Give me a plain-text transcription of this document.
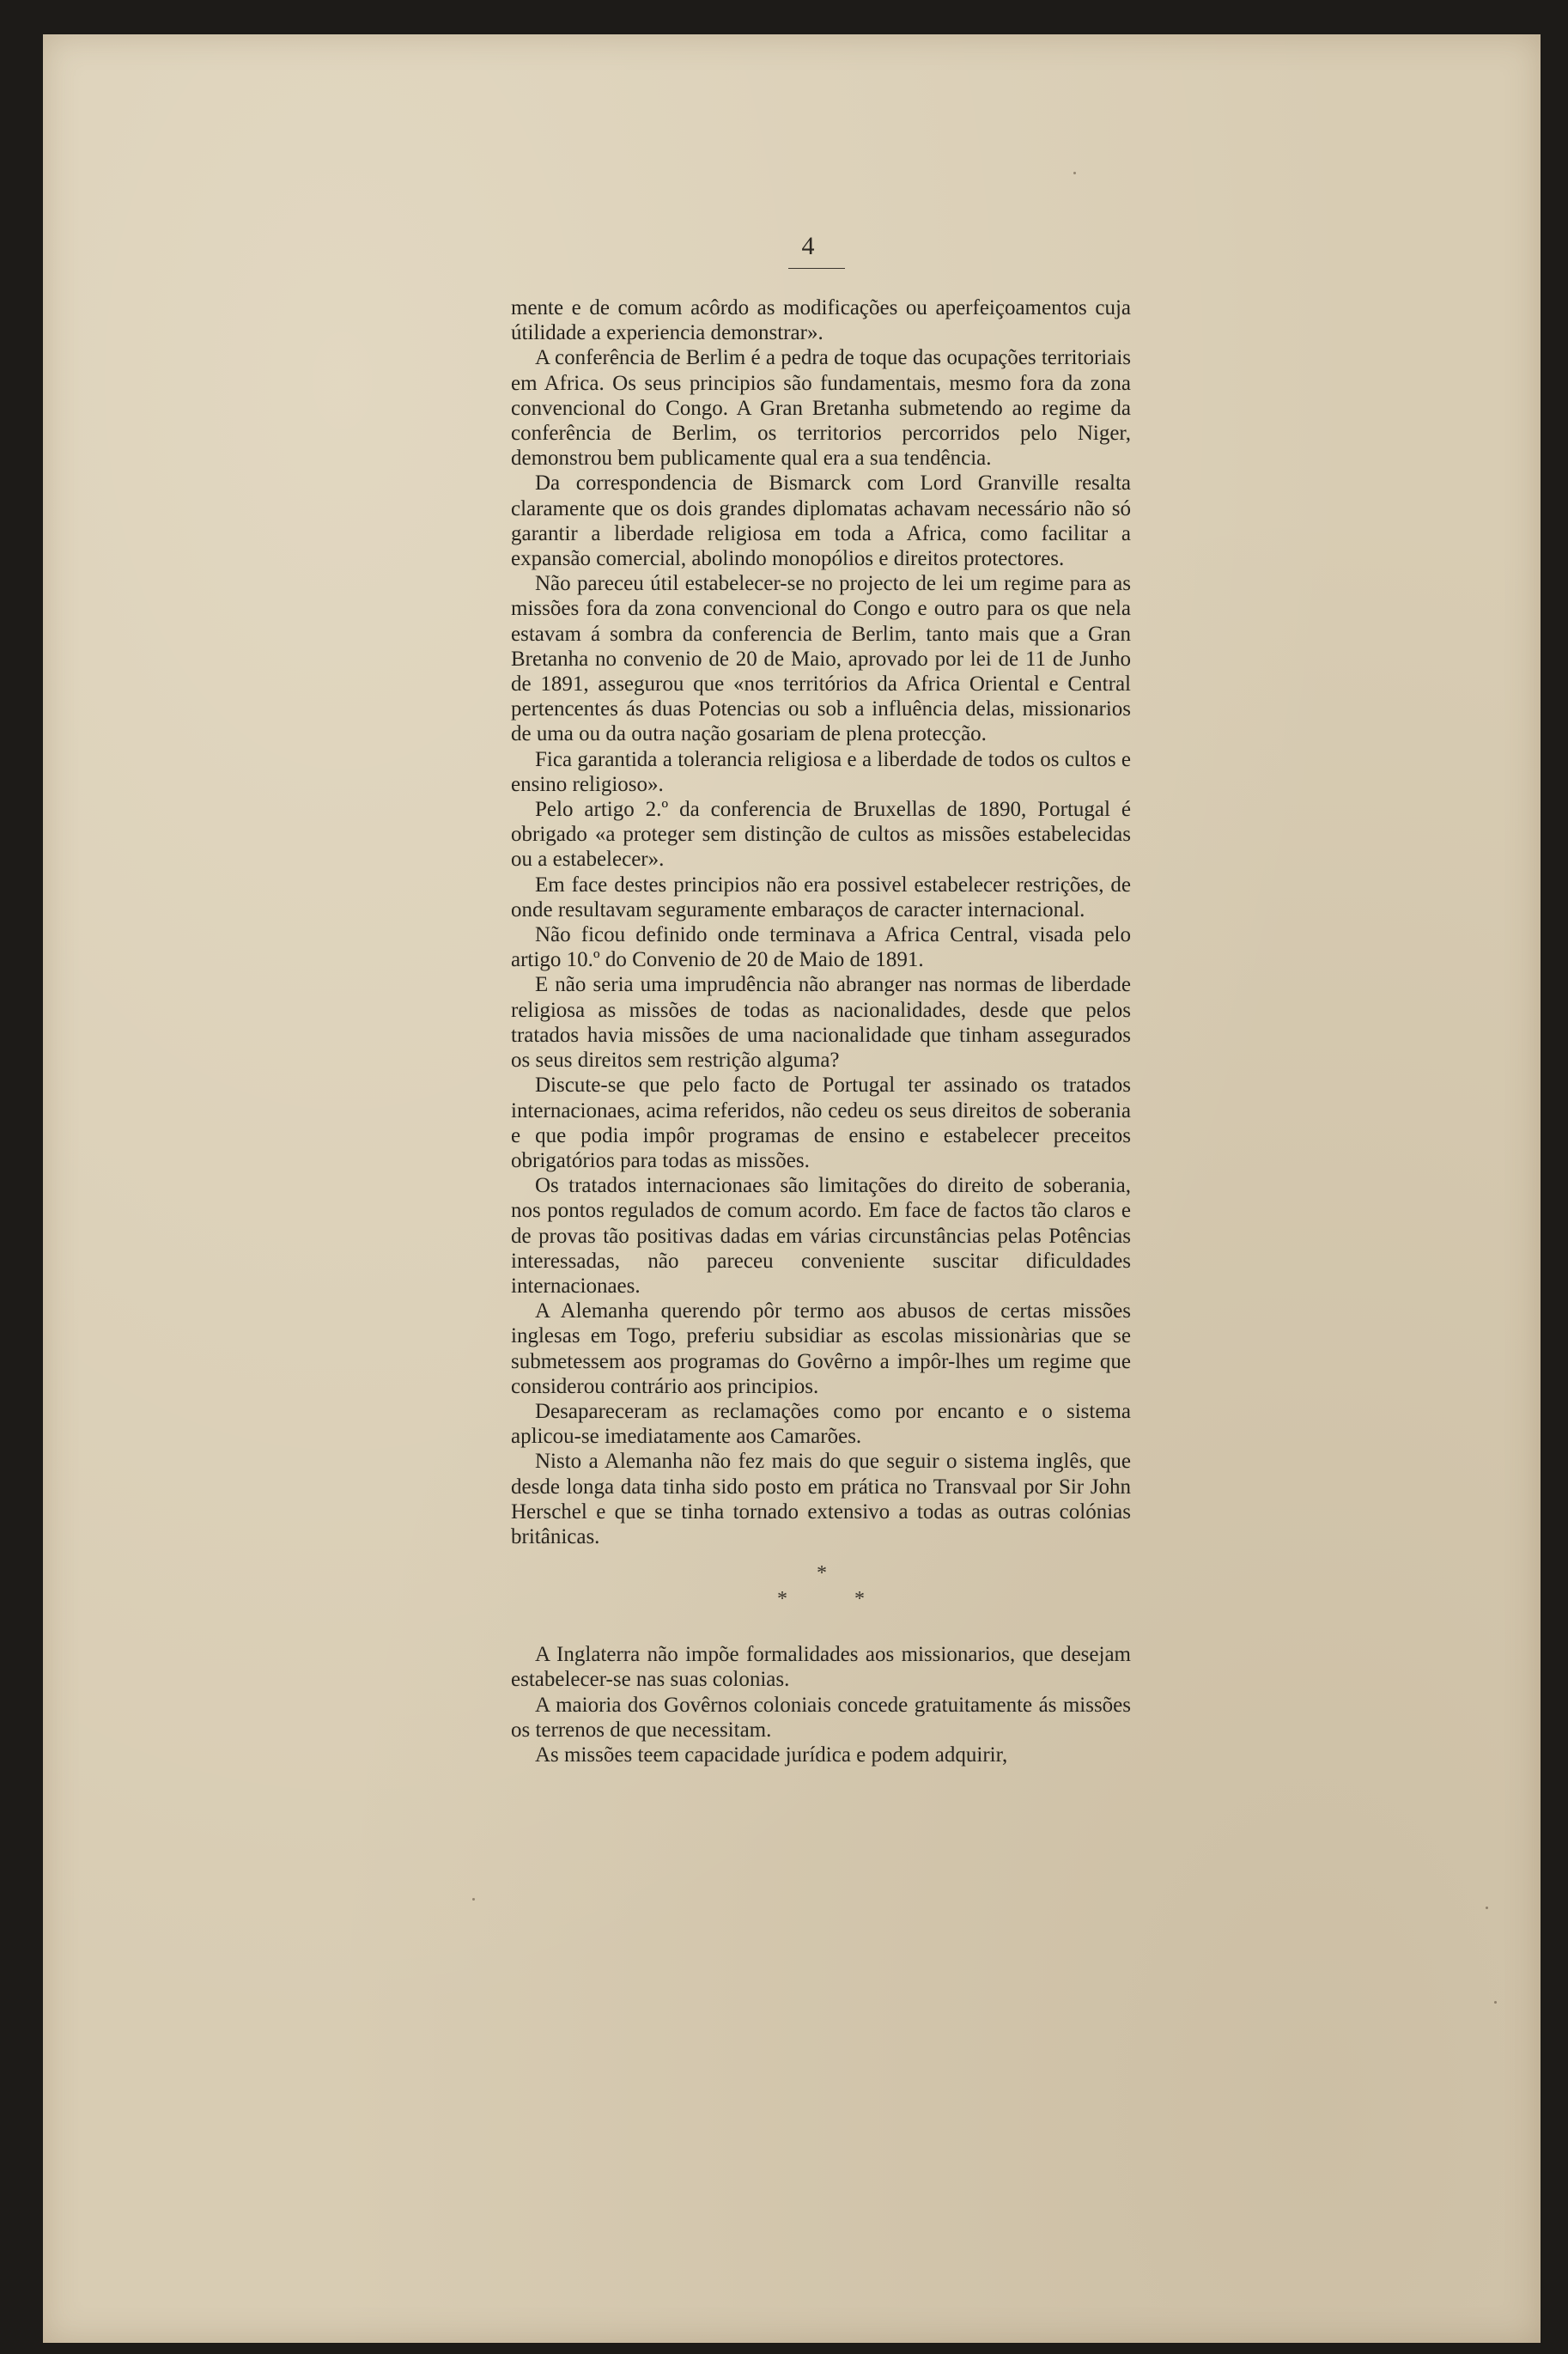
4

mente e de comum acôrdo as modificações ou aperfeiçoamentos cuja útilidade a experiencia demonstrar».

A conferência de Berlim é a pedra de toque das ocupações territoriais em Africa. Os seus principios são fundamentais, mesmo fora da zona convencional do Congo. A Gran Bretanha submetendo ao regime da conferência de Berlim, os territorios percorridos pelo Niger, demonstrou bem publicamente qual era a sua tendência.

Da correspondencia de Bismarck com Lord Granville resalta claramente que os dois grandes diplomatas achavam necessário não só garantir a liberdade religiosa em toda a Africa, como facilitar a expansão comercial, abolindo monopólios e direitos protectores.

Não pareceu útil estabelecer-se no projecto de lei um regime para as missões fora da zona convencional do Congo e outro para os que nela estavam á sombra da conferencia de Berlim, tanto mais que a Gran Bretanha no convenio de 20 de Maio, aprovado por lei de 11 de Junho de 1891, assegurou que «nos territórios da Africa Oriental e Central pertencentes ás duas Potencias ou sob a influência delas, missionarios de uma ou da outra nação gosariam de plena protecção.

Fica garantida a tolerancia religiosa e a liberdade de todos os cultos e ensino religioso».

Pelo artigo 2.º da conferencia de Bruxellas de 1890, Portugal é obrigado «a proteger sem distinção de cultos as missões estabelecidas ou a estabelecer».

Em face destes principios não era possivel estabelecer restrições, de onde resultavam seguramente embaraços de caracter internacional.

Não ficou definido onde terminava a Africa Central, visada pelo artigo 10.º do Convenio de 20 de Maio de 1891.

E não seria uma imprudência não abranger nas normas de liberdade religiosa as missões de todas as nacionalidades, desde que pelos tratados havia missões de uma nacionalidade que tinham assegurados os seus direitos sem restrição alguma?

Discute-se que pelo facto de Portugal ter assinado os tratados internacionaes, acima referidos, não cedeu os seus direitos de soberania e que podia impôr programas de ensino e estabelecer preceitos obrigatórios para todas as missões.

Os tratados internacionaes são limitações do direito de soberania, nos pontos regulados de comum acordo. Em face de factos tão claros e de provas tão positivas dadas em várias circunstâncias pelas Potências interessadas, não pareceu conveniente suscitar dificuldades internacionaes.

A Alemanha querendo pôr termo aos abusos de certas missões inglesas em Togo, preferiu subsidiar as escolas missionàrias que se submetessem aos programas do Govêrno a impôr-lhes um regime que considerou contrário aos principios.

Desapareceram as reclamações como por encanto e o sistema aplicou-se imediatamente aos Camarões.

Nisto a Alemanha não fez mais do que seguir o sistema inglês, que desde longa data tinha sido posto em prática no Transvaal por Sir John Herschel e que se tinha tornado extensivo a todas as outras colónias britânicas.

*
*	*

A Inglaterra não impõe formalidades aos missionarios, que desejam estabelecer-se nas suas colonias.

A maioria dos Govêrnos coloniais concede gratuitamente ás missões os terrenos de que necessitam.

As missões teem capacidade jurídica e podem adquirir,
